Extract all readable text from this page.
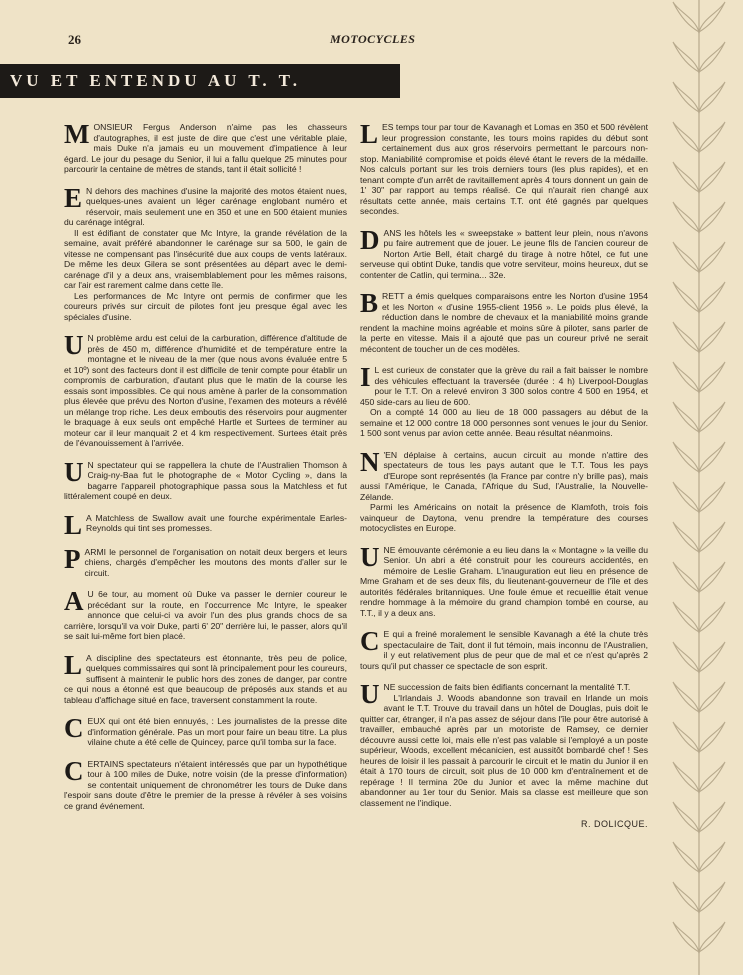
26	MOTOCYCLES
VU ET ENTENDU AU T. T.
MONSIEUR Fergus Anderson n'aime pas les chasseurs d'autographes, il est juste de dire que c'est une véritable plaie, mais Duke n'a jamais eu un mouvement d'impatience à leur égard. Le jour du pesage du Senior, il lui a fallu quelque 25 minutes pour parcourir la centaine de mètres de stands, tant il était sollicité !
E N dehors des machines d'usine la majorité des motos étaient nues, quelques-unes avaient un léger carénage englobant numéro et réservoir, mais seulement une en 350 et une en 500 étaient munies du carénage intégral.
Il est édifiant de constater que Mc Intyre, la grande révélation de la semaine, avait préféré abandonner le carénage sur sa 500, le gain de vitesse ne compensant pas l'insécurité due aux coups de vents latéraux. De même les deux Gilera se sont présentées au départ avec le demi-carénage d'il y a deux ans, vraisemblablement pour les mêmes raisons, car l'air est rarement calme dans cette île.
Les performances de Mc Intyre ont permis de confirmer que les coureurs privés sur circuit de pilotes font jeu presque égal avec les spéciales d'usine.
U N problème ardu est celui de la carburation, différence d'altitude de près de 450 m, différence d'humidité et de température entre la montagne et le niveau de la mer (que nous avons évaluée entre 5 et 10º) sont des facteurs dont il est difficile de tenir compte pour établir un compromis de carburation, d'autant plus que le matin de la course les essais sont impossibles. Ce qui nous amène à parler de la consommation plus élevée que prévu des Norton d'usine, l'examen des moteurs a révélé un mélange trop riche. Les deux emboutis des réservoirs pour augmenter le braquage à eux seuls ont empêché Hartle et Surtees de terminer au moteur car il leur manquait 2 et 4 km respectivement. Surtees était près de l'évanouissement à l'arrivée.
U N spectateur qui se rappellera la chute de l'Australien Thomson à Craig-ny-Baa fut le photographe de « Motor Cycling », dans la bagarre l'appareil photographique passa sous la Matchless et fut littéralement coupé en deux.
L A Matchless de Swallow avait une fourche expérimentale Earles-Reynolds qui tint ses promesses.
PARMI le personnel de l'organisation on notait deux bergers et leurs chiens, chargés d'empêcher les moutons des monts d'aller sur le circuit.
A U 6e tour, au moment où Duke va passer le dernier coureur le précédant sur la route, en l'occurrence Mc Intyre, le speaker annonce que celui-ci va avoir l'un des plus grands chocs de sa carrière, lorsqu'il va voir Duke, parti 6' 20" derrière lui, le passer, alors qu'il se sait lui-même fort bien placé.
L A discipline des spectateurs est étonnante, très peu de police, quelques commissaires qui sont là principalement pour les coureurs, suffisent à maintenir le public hors des zones de danger, par contre ce qui nous a étonné est que beaucoup de préposés aux stands et au tableau d'affichage situé en face, traversent constamment la route.
CEUX qui ont été bien ennuyés, : Les journalistes de la presse dite d'information générale. Pas un mort pour faire un beau titre. La plus vilaine chute a été celle de Quincey, parce qu'il tomba sur la face.
CERTAINS spectateurs n'étaient intéressés que par un hypothétique tour à 100 miles de Duke, notre voisin (de la presse d'information) se contentait uniquement de chronométrer les tours de Duke dans l'espoir sans doute d'être le premier de la presse à révéler à ses voisins ce grand événement.
LES temps tour par tour de Kavanagh et Lomas en 350 et 500 révèlent leur progression constante, les tours moins rapides du début sont certainement dus aux gros réservoirs permettant le parcours non-stop. Maniabilité compromise et poids élevé étant le revers de la médaille. Nos calculs portant sur les trois derniers tours (les plus rapides), et en tenant compte d'un arrêt de ravitaillement après 4 tours donnent un gain de 1' 30" par rapport au temps réalisé. Ce qui n'aurait rien changé aux résultats cette année, mais certains T.T. ont été gagnés par quelques secondes.
DANS les hôtels les « sweepstake » battent leur plein, nous n'avons pu faire autrement que de jouer. Le jeune fils de l'ancien coureur de Norton Artie Bell, était chargé du tirage à notre hôtel, ce fut une serveuse qui obtint Duke, tandis que votre serviteur, moins heureux, dut se contenter de Catlin, qui termina... 32e.
BRETT a émis quelques comparaisons entre les Norton d'usine 1954 et les Norton « d'usine 1955-client 1956 ». Le poids plus élevé, la réduction dans le nombre de chevaux et la maniabilité moins grande rendent la machine moins agréable et moins sûre à piloter, sans parler de la perte en vitesse. Mais il a ajouté que pas un coureur privé ne serait mécontent de toucher un de ces modèles.
I L est curieux de constater que la grève du rail a fait baisser le nombre des véhicules effectuant la traversée (durée : 4 h) Liverpool-Douglas pour le T.T. On a relevé environ 3 300 solos contre 4 500 en 1954, et 450 side-cars au lieu de 600.
On a compté 14 000 au lieu de 18 000 passagers au début de la semaine et 12 000 contre 18 000 personnes sont venues le jour du Senior. 1 500 sont venus par avion cette année. Beau résultat néanmoins.
N 'EN déplaise à certains, aucun circuit au monde n'attire des spectateurs de tous les pays autant que le T.T. Tous les pays d'Europe sont représentés (la France par contre n'y brille pas), mais aussi l'Amérique, le Canada, l'Afrique du Sud, l'Australie, la Nouvelle-Zélande.
Parmi les Américains on notait la présence de Klamfoth, trois fois vainqueur de Daytona, venu prendre la température des courses motocyclistes en Europe.
UNE émouvante cérémonie a eu lieu dans la « Montagne » la veille du Senior. Un abri a été construit pour les coureurs accidentés, en mémoire de Leslie Graham. L'inauguration eut lieu en présence de Mme Graham et de ses deux fils, du lieutenant-gouverneur de l'île et des autorités fédérales britanniques. Une foule émue et recueillie était venue rendre hommage à la mémoire du grand champion tombé en course, au T.T., il y a deux ans.
C E qui a freiné moralement le sensible Kavanagh a été la chute très spectaculaire de Tait, dont il fut témoin, mais inconnu de l'Australien, il y eut relativement plus de peur que de mal et ce n'est qu'après 2 tours qu'il put chasser ce spectacle de son esprit.
UNE succession de faits bien édifiants concernant la mentalité T.T.
L'Irlandais J. Woods abandonne son travail en Irlande un mois avant le T.T. Trouve du travail dans un hôtel de Douglas, puis doit le quitter car, étranger, il n'a pas assez de séjour dans l'île pour être autorisé à travailler, embauché après par un motoriste de Ramsey, ce dernier découvre aussi cette loi, mais elle n'est pas valable si l'employé a un poste supérieur, Woods, excellent mécanicien, est aussitôt bombardé chef ! Ses heures de loisir il les passait à parcourir le circuit et le matin du Junior il en était à 170 tours de circuit, soit plus de 10 000 km d'entraînement et de repérage ! Il termina 20e du Junior et avec la même machine dut abandonner au 1er tour du Senior. Mais sa classe est meilleure que son classement ne l'indique.
R. DOLICQUE.
